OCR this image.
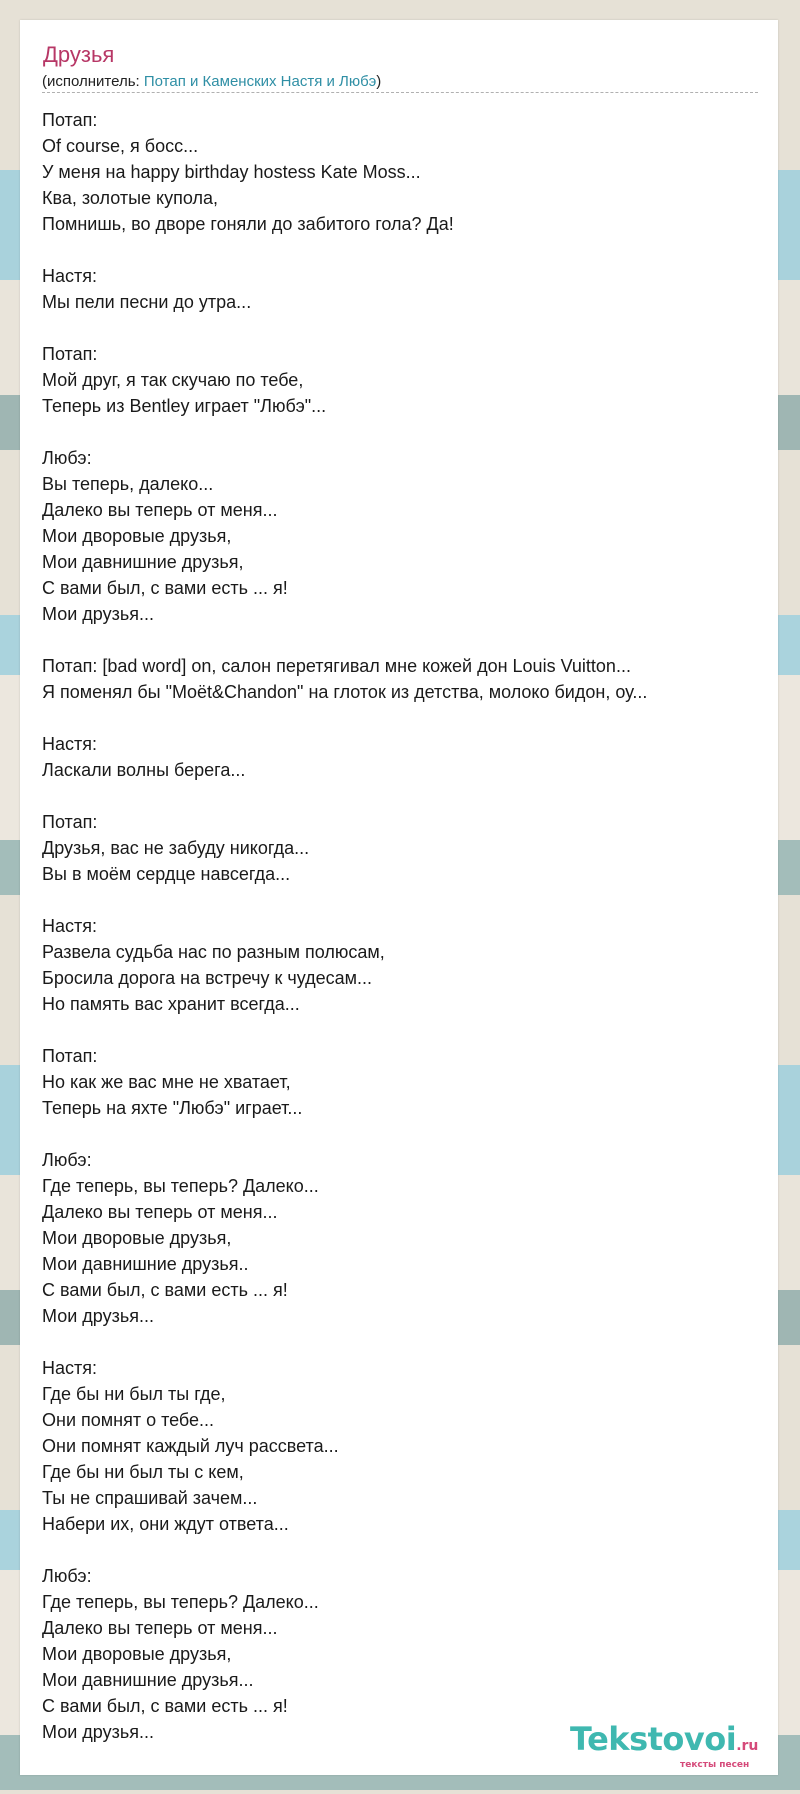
Друзья
(исполнитель: Потап и Каменских Настя и Любэ)
Потап:
Of course, я босс...
У меня на happy birthday hostess Kate Moss...
Ква, золотые купола,
Помнишь, во дворе гоняли до забитого гола? Да!

Настя:
Мы пели песни до утра...

Потап:
Мой друг, я так скучаю по тебе,
Теперь из Bentley играет "Любэ"...

Любэ:
Вы теперь, далеко...
Далеко вы теперь от меня...
Мои дворовые друзья,
Мои давнишние друзья,
С вами был, с вами есть ... я!
Мои друзья...

Потап: [bad word] on, салон перетягивал мне кожей дон Louis Vuitton...
Я поменял бы "Moët&Chandon" на глоток из детства, молоко бидон, оу...

Настя:
Ласкали волны берега...

Потап:
Друзья, вас не забуду никогда...
Вы в моём сердце навсегда...

Настя:
Развела судьба нас по разным полюсам,
Бросила дорога на встречу к чудесам...
Но память вас хранит всегда...

Потап:
Но как же вас мне не хватает,
Теперь на яхте "Любэ" играет...

Любэ:
Где теперь, вы теперь? Далеко...
Далеко вы теперь от меня...
Мои дворовые друзья,
Мои давнишние друзья..
С вами был, с вами есть ... я!
Мои друзья...

Настя:
Где бы ни был ты где,
Они помнят о тебе...
Они помнят каждый луч рассвета...
Где бы ни был ты с кем,
Ты не спрашивай зачем...
Набери их, они ждут ответа...

Любэ:
Где теперь, вы теперь? Далеко...
Далеко вы теперь от меня...
Мои дворовые друзья,
Мои давнишние друзья...
С вами был, с вами есть ... я!
Мои друзья...	Tekstovoi.ru
тексты песен
